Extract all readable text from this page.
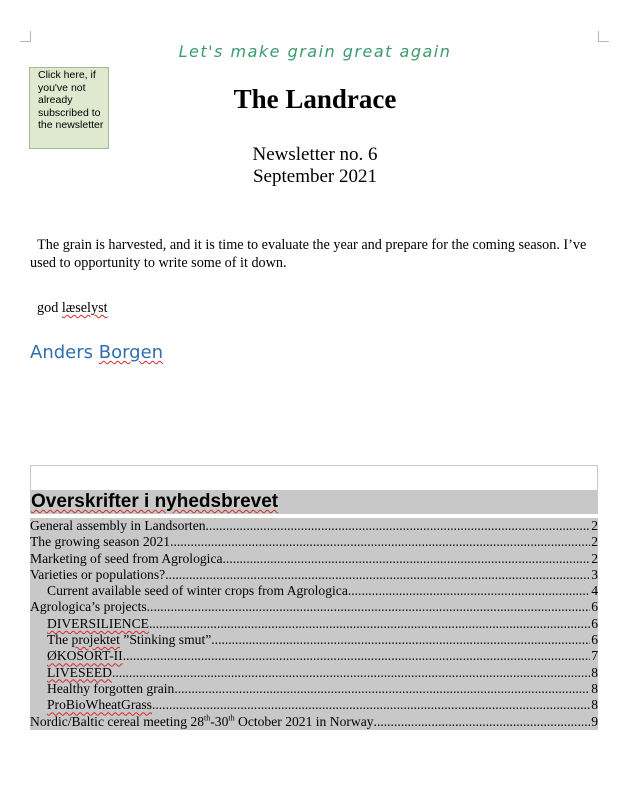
Let's make grain great again
Click here, if you've not already subscribed to the newsletter
The Landrace
Newsletter no. 6
September 2021
The grain is harvested, and it is time to evaluate the year and prepare for the coming season. I’ve used to opportunity to write some of it down.
god læselyst
Anders Borgen
Overskrifter i nyhedsbrevet
General assembly in Landsorten .....	2
The growing season 2021 .....	2
Marketing of seed from Agrologica .....	2
Varieties or populations? .....	3
Current available seed of winter crops from Agrologica .....	4
Agrologica’s projects .....	6
DIVERSILIENCE .....	6
The projektet ”Stinking smut” .....	6
ØKOSORT-II .....	7
LIVESEED .....	8
Healthy forgotten grain .....	8
ProBioWheatGrass .....	8
Nordic/Baltic cereal meeting 28th-30th October 2021 in Norway .....	9
